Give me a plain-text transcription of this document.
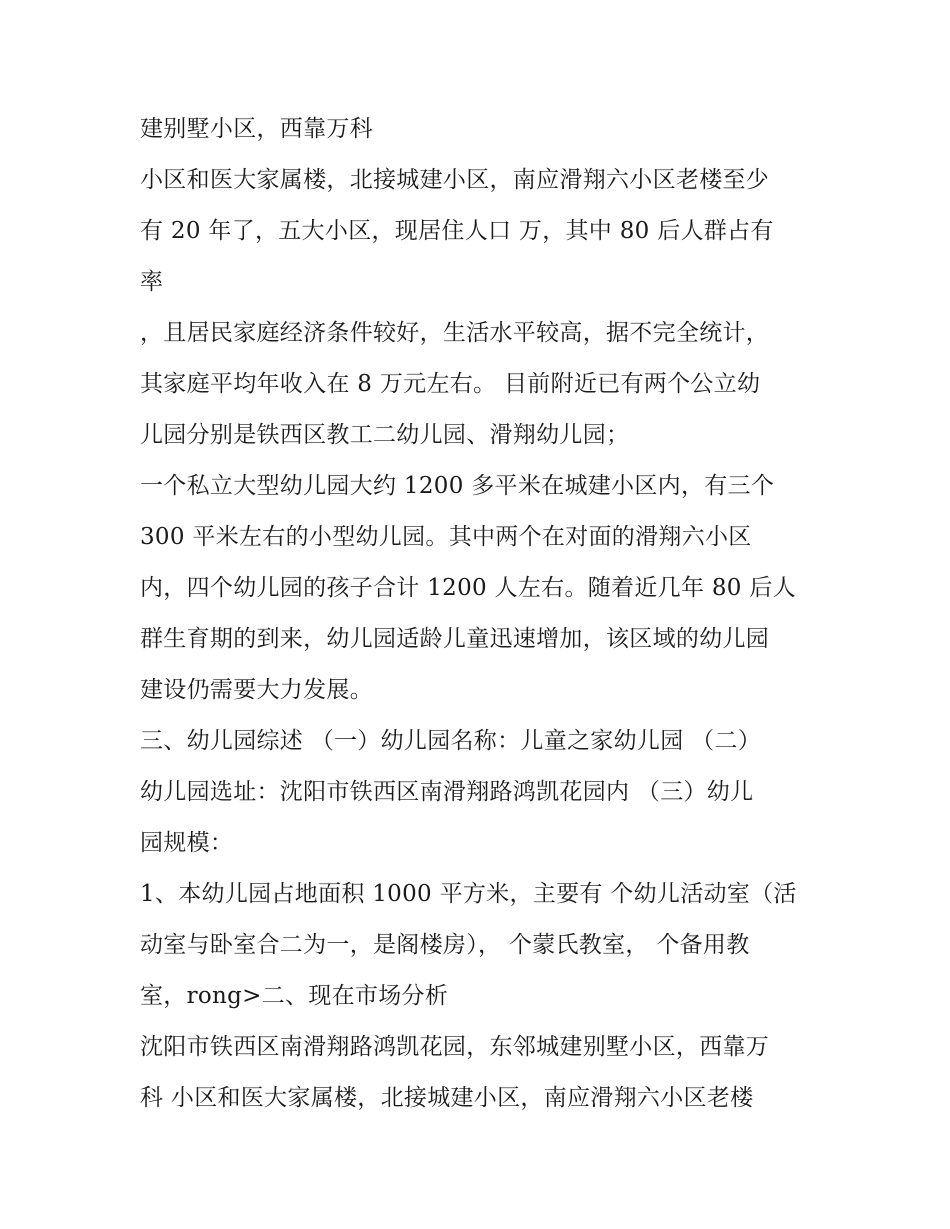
建别墅小区，西靠万科
小区和医大家属楼，北接城建小区，南应滑翔六小区老楼至少
有 20 年了，五大小区，现居住人口 万，其中 80 后人群占有
率
，且居民家庭经济条件较好，生活水平较高，据不完全统计，
其家庭平均年收入在 8 万元左右。 目前附近已有两个公立幼
儿园分别是铁西区教工二幼儿园、滑翔幼儿园；
一个私立大型幼儿园大约 1200 多平米在城建小区内，有三个
300 平米左右的小型幼儿园。其中两个在对面的滑翔六小区
内，四个幼儿园的孩子合计 1200 人左右。随着近几年 80 后人
群生育期的到来，幼儿园适龄儿童迅速增加，该区域的幼儿园
建设仍需要大力发展。
三、幼儿园综述 （一）幼儿园名称：儿童之家幼儿园 （二）
幼儿园选址：沈阳市铁西区南滑翔路鸿凯花园内 （三）幼儿
园规模：
1、本幼儿园占地面积 1000 平方米，主要有 个幼儿活动室（活
动室与卧室合二为一，是阁楼房）， 个蒙氏教室， 个备用教
室，rong>二、现在市场分析
沈阳市铁西区南滑翔路鸿凯花园，东邻城建别墅小区，西靠万
科 小区和医大家属楼，北接城建小区，南应滑翔六小区老楼
